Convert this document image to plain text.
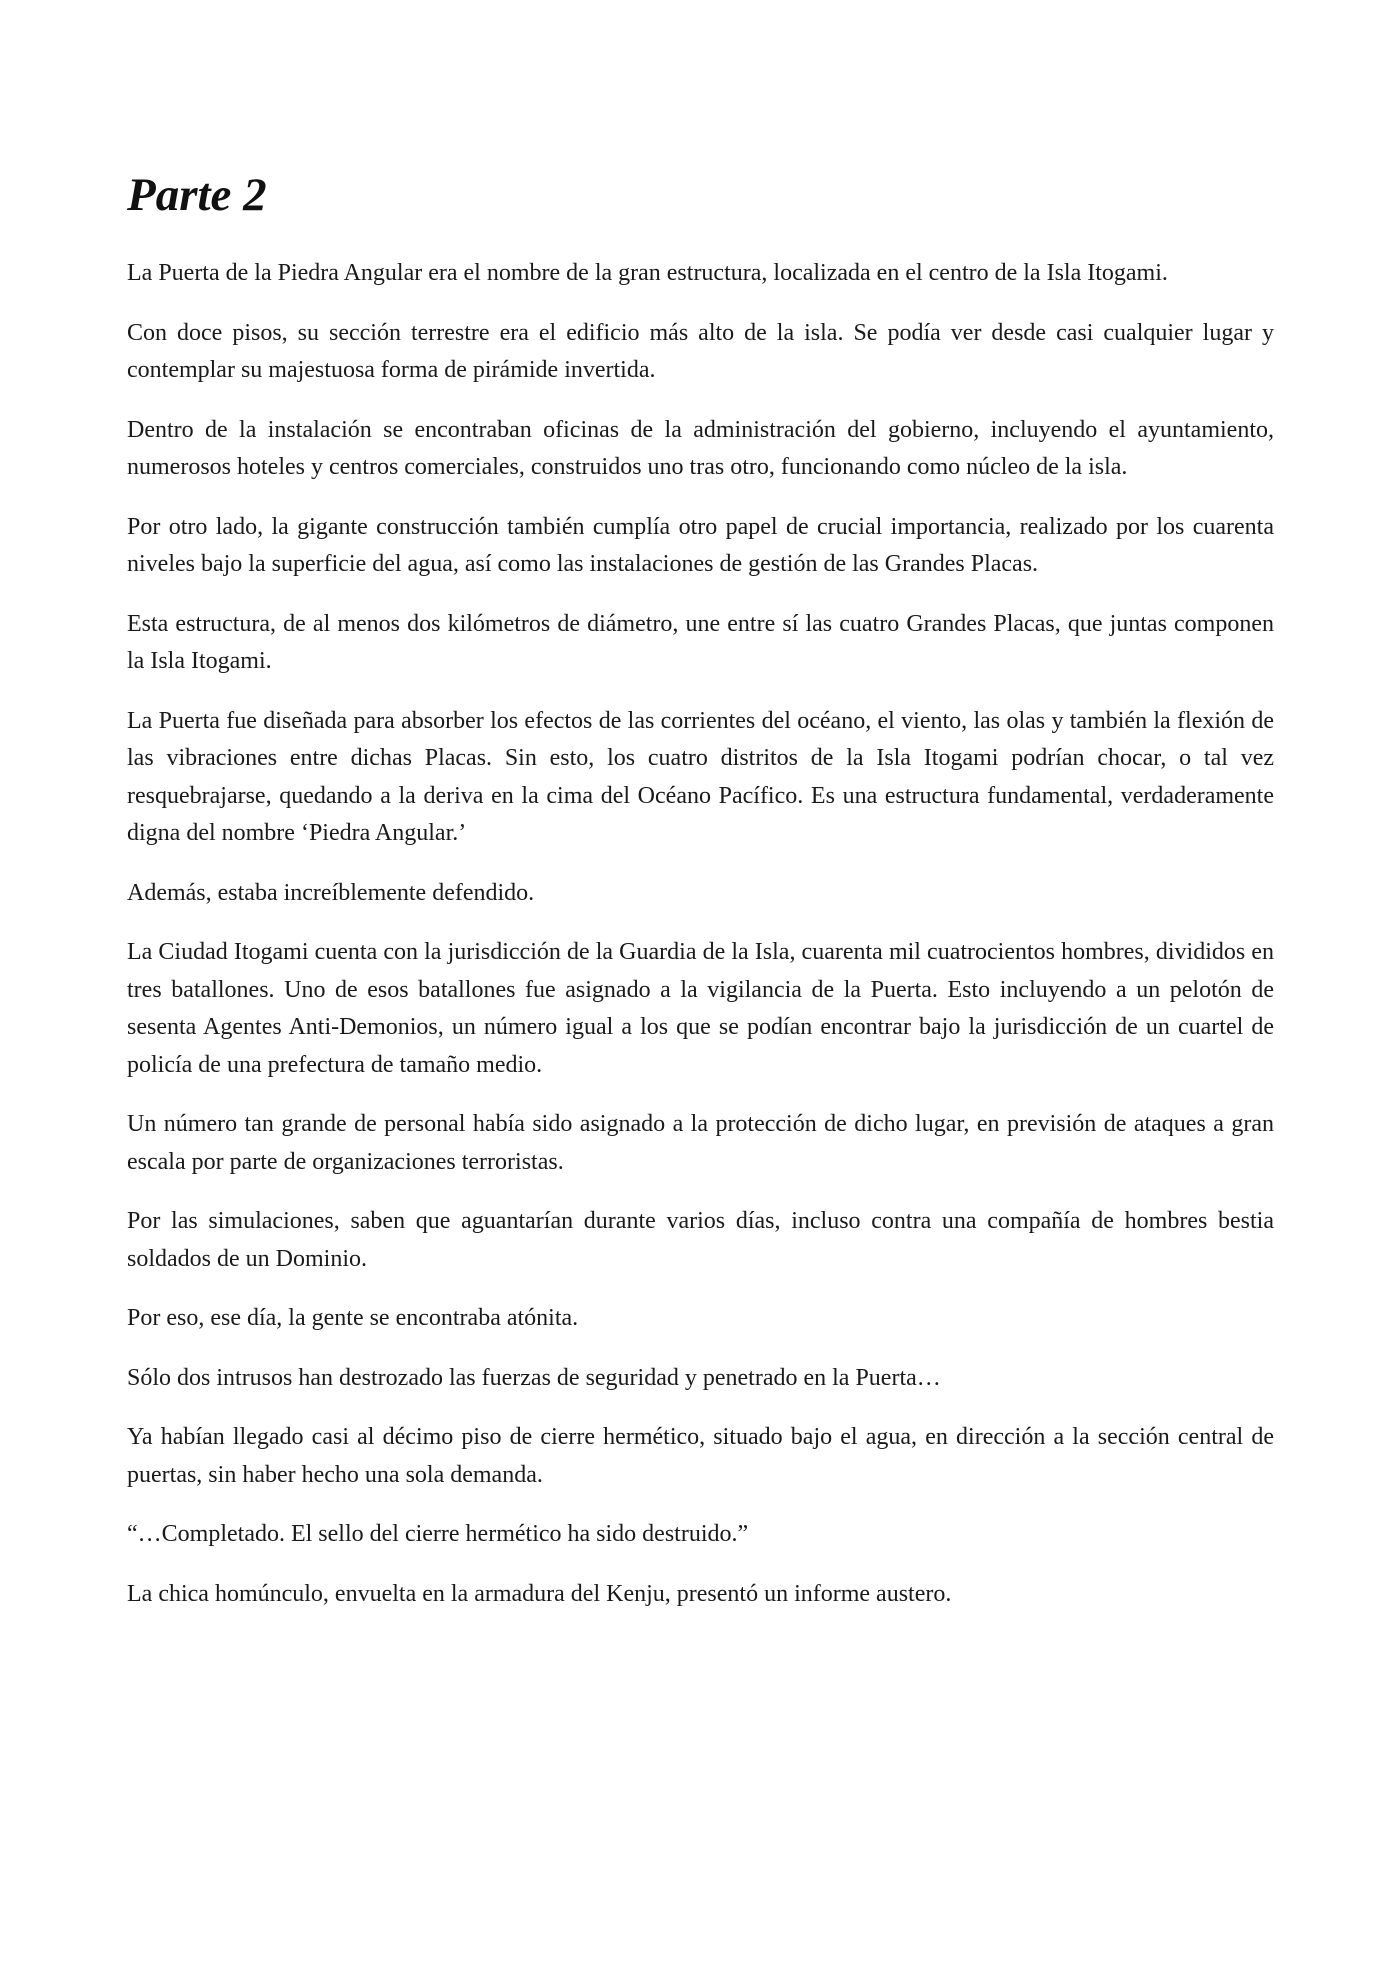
Parte 2

La Puerta de la Piedra Angular era el nombre de la gran estructura, localizada en el centro de la Isla Itogami.

Con doce pisos, su sección terrestre era el edificio más alto de la isla. Se podía ver desde casi cualquier lugar y contemplar su majestuosa forma de pirámide invertida.

Dentro de la instalación se encontraban oficinas de la administración del gobierno, incluyendo el ayuntamiento, numerosos hoteles y centros comerciales, construidos uno tras otro, funcionando como núcleo de la isla.

Por otro lado, la gigante construcción también cumplía otro papel de crucial importancia, realizado por los cuarenta niveles bajo la superficie del agua, así como las instalaciones de gestión de las Grandes Placas.

Esta estructura, de al menos dos kilómetros de diámetro, une entre sí las cuatro Grandes Placas, que juntas componen la Isla Itogami.

La Puerta fue diseñada para absorber los efectos de las corrientes del océano, el viento, las olas y también la flexión de las vibraciones entre dichas Placas. Sin esto, los cuatro distritos de la Isla Itogami podrían chocar, o tal vez resquebrajarse, quedando a la deriva en la cima del Océano Pacífico. Es una estructura fundamental, verdaderamente digna del nombre ‘Piedra Angular.’

Además, estaba increíblemente defendido.

La Ciudad Itogami cuenta con la jurisdicción de la Guardia de la Isla, cuarenta mil cuatrocientos hombres, divididos en tres batallones. Uno de esos batallones fue asignado a la vigilancia de la Puerta. Esto incluyendo a un pelotón de sesenta Agentes Anti-Demonios, un número igual a los que se podían encontrar bajo la jurisdicción de un cuartel de policía de una prefectura de tamaño medio.

Un número tan grande de personal había sido asignado a la protección de dicho lugar, en previsión de ataques a gran escala por parte de organizaciones terroristas.

Por las simulaciones, saben que aguantarían durante varios días, incluso contra una compañía de hombres bestia soldados de un Dominio.

Por eso, ese día, la gente se encontraba atónita.

Sólo dos intrusos han destrozado las fuerzas de seguridad y penetrado en la Puerta…

Ya habían llegado casi al décimo piso de cierre hermético, situado bajo el agua, en dirección a la sección central de puertas, sin haber hecho una sola demanda.

“…Completado. El sello del cierre hermético ha sido destruido.”

La chica homúnculo, envuelta en la armadura del Kenju, presentó un informe austero.
